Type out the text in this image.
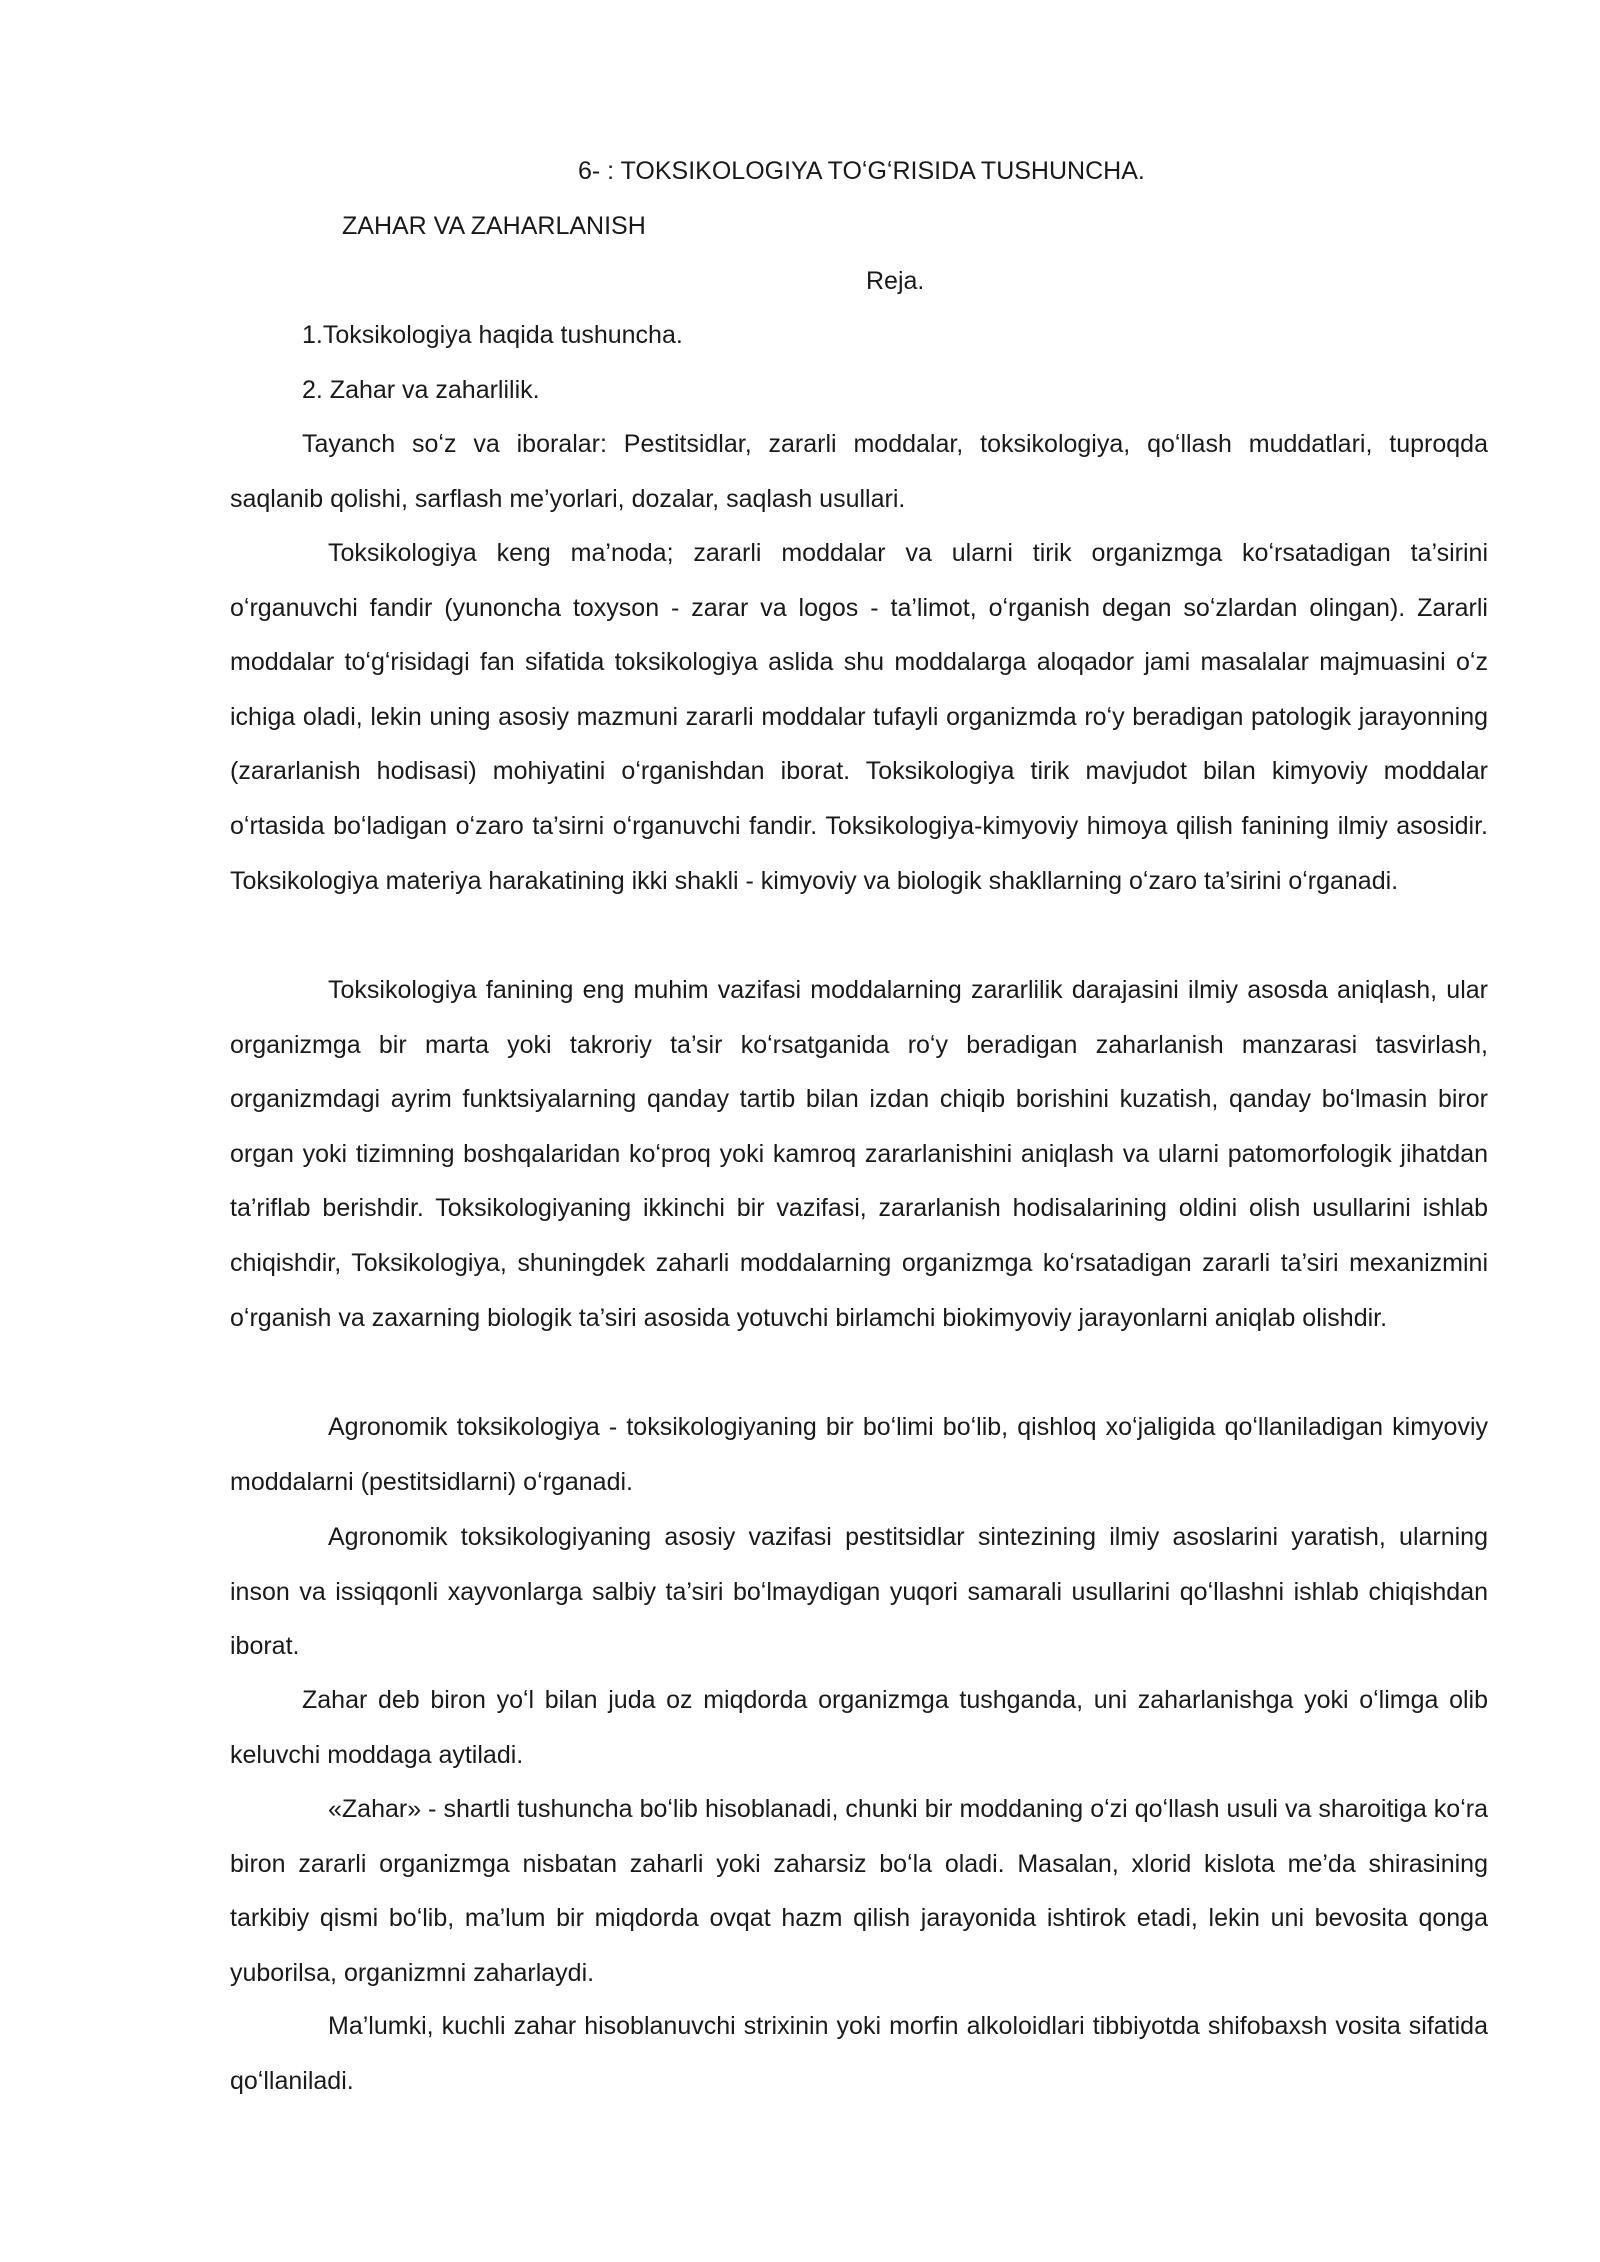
6- : TOKSIKOLOGIYA TOʻGʻRISIDA TUSHUNCHA.
ZAHAR VA ZAHARLANISH
Reja.
1.Toksikologiya haqida tushuncha.
2. Zahar va zaharlilik.

Tayanch soʻz va iboralar: Pestitsidlar, zararli moddalar, toksikologiya, qoʻllash muddatlari, tuproqda saqlanib qolishi, sarflash me’yorlari, dozalar, saqlash usullari.

Toksikologiya keng ma’noda; zararli moddalar va ularni tirik organizmga koʻrsatadigan ta’sirini oʻrganuvchi fandir (yunoncha toxyson - zarar va logos - ta’limot, oʻrganish degan soʻzlardan olingan). Zararli moddalar toʻgʻrisidagi fan sifatida toksikologiya aslida shu moddalarga aloqador jami masalalar majmuasini oʻz ichiga oladi, lekin uning asosiy mazmuni zararli moddalar tufayli organizmda roʻy beradigan patologik jarayonning (zararlanish hodisasi) mohiyatini oʻrganishdan iborat. Toksikologiya tirik mavjudot bilan kimyoviy moddalar oʻrtasida boʻladigan oʻzaro ta’sirni oʻrganuvchi fandir. Toksikologiya-kimyoviy himoya qilish fanining ilmiy asosidir. Toksikologiya materiya harakatining ikki shakli - kimyoviy va biologik shakllarning oʻzaro ta’sirini oʻrganadi.

Toksikologiya fanining eng muhim vazifasi moddalarning zararlilik darajasini ilmiy asosda aniqlash, ular organizmga bir marta yoki takroriy ta’sir koʻrsatganida roʻy beradigan zaharlanish manzarasi tasvirlash, organizmdagi ayrim funktsiyalarning qanday tartib bilan izdan chiqib borishini kuzatish, qanday boʻlmasin biror organ yoki tizimning boshqalaridan koʻproq yoki kamroq zararlanishini aniqlash va ularni patomorfologik jihatdan ta’riflab berishdir. Toksikologiyaning ikkinchi bir vazifasi, zararlanish hodisalarining oldini olish usullarini ishlab chiqishdir, Toksikologiya, shuningdek zaharli moddalarning organizmga koʻrsatadigan zararli ta’siri mexanizmini oʻrganish va zaxarning biologik ta’siri asosida yotuvchi birlamchi biokimyoviy jarayonlarni aniqlab olishdir.

Agronomik toksikologiya - toksikologiyaning bir boʻlimi boʻlib, qishloq xoʻjaligida qoʻllaniladigan kimyoviy moddalarni (pestitsidlarni) oʻrganadi.

Agronomik toksikologiyaning asosiy vazifasi pestitsidlar sintezining ilmiy asoslarini yaratish, ularning inson va issiqqonli xayvonlarga salbiy ta’siri boʻlmaydigan yuqori samarali usullarini qoʻllashni ishlab chiqishdan iborat.

Zahar deb biron yoʻl bilan juda oz miqdorda organizmga tushganda, uni zaharlanishga yoki oʻlimga olib keluvchi moddaga aytiladi.

«Zahar» - shartli tushuncha boʻlib hisoblanadi, chunki bir moddaning oʻzi qoʻllash usuli va sharoitiga koʻra biron zararli organizmga nisbatan zaharli yoki zaharsiz boʻla oladi. Masalan, xlorid kislota me’da shirasining tarkibiy qismi boʻlib, ma’lum bir miqdorda ovqat hazm qilish jarayonida ishtirok etadi, lekin uni bevosita qonga yuborilsa, organizmni zaharlaydi.

Ma’lumki, kuchli zahar hisoblanuvchi strixinin yoki morfin alkoloidlari tibbiyotda shifobaxsh vosita sifatida qoʻllaniladi.
